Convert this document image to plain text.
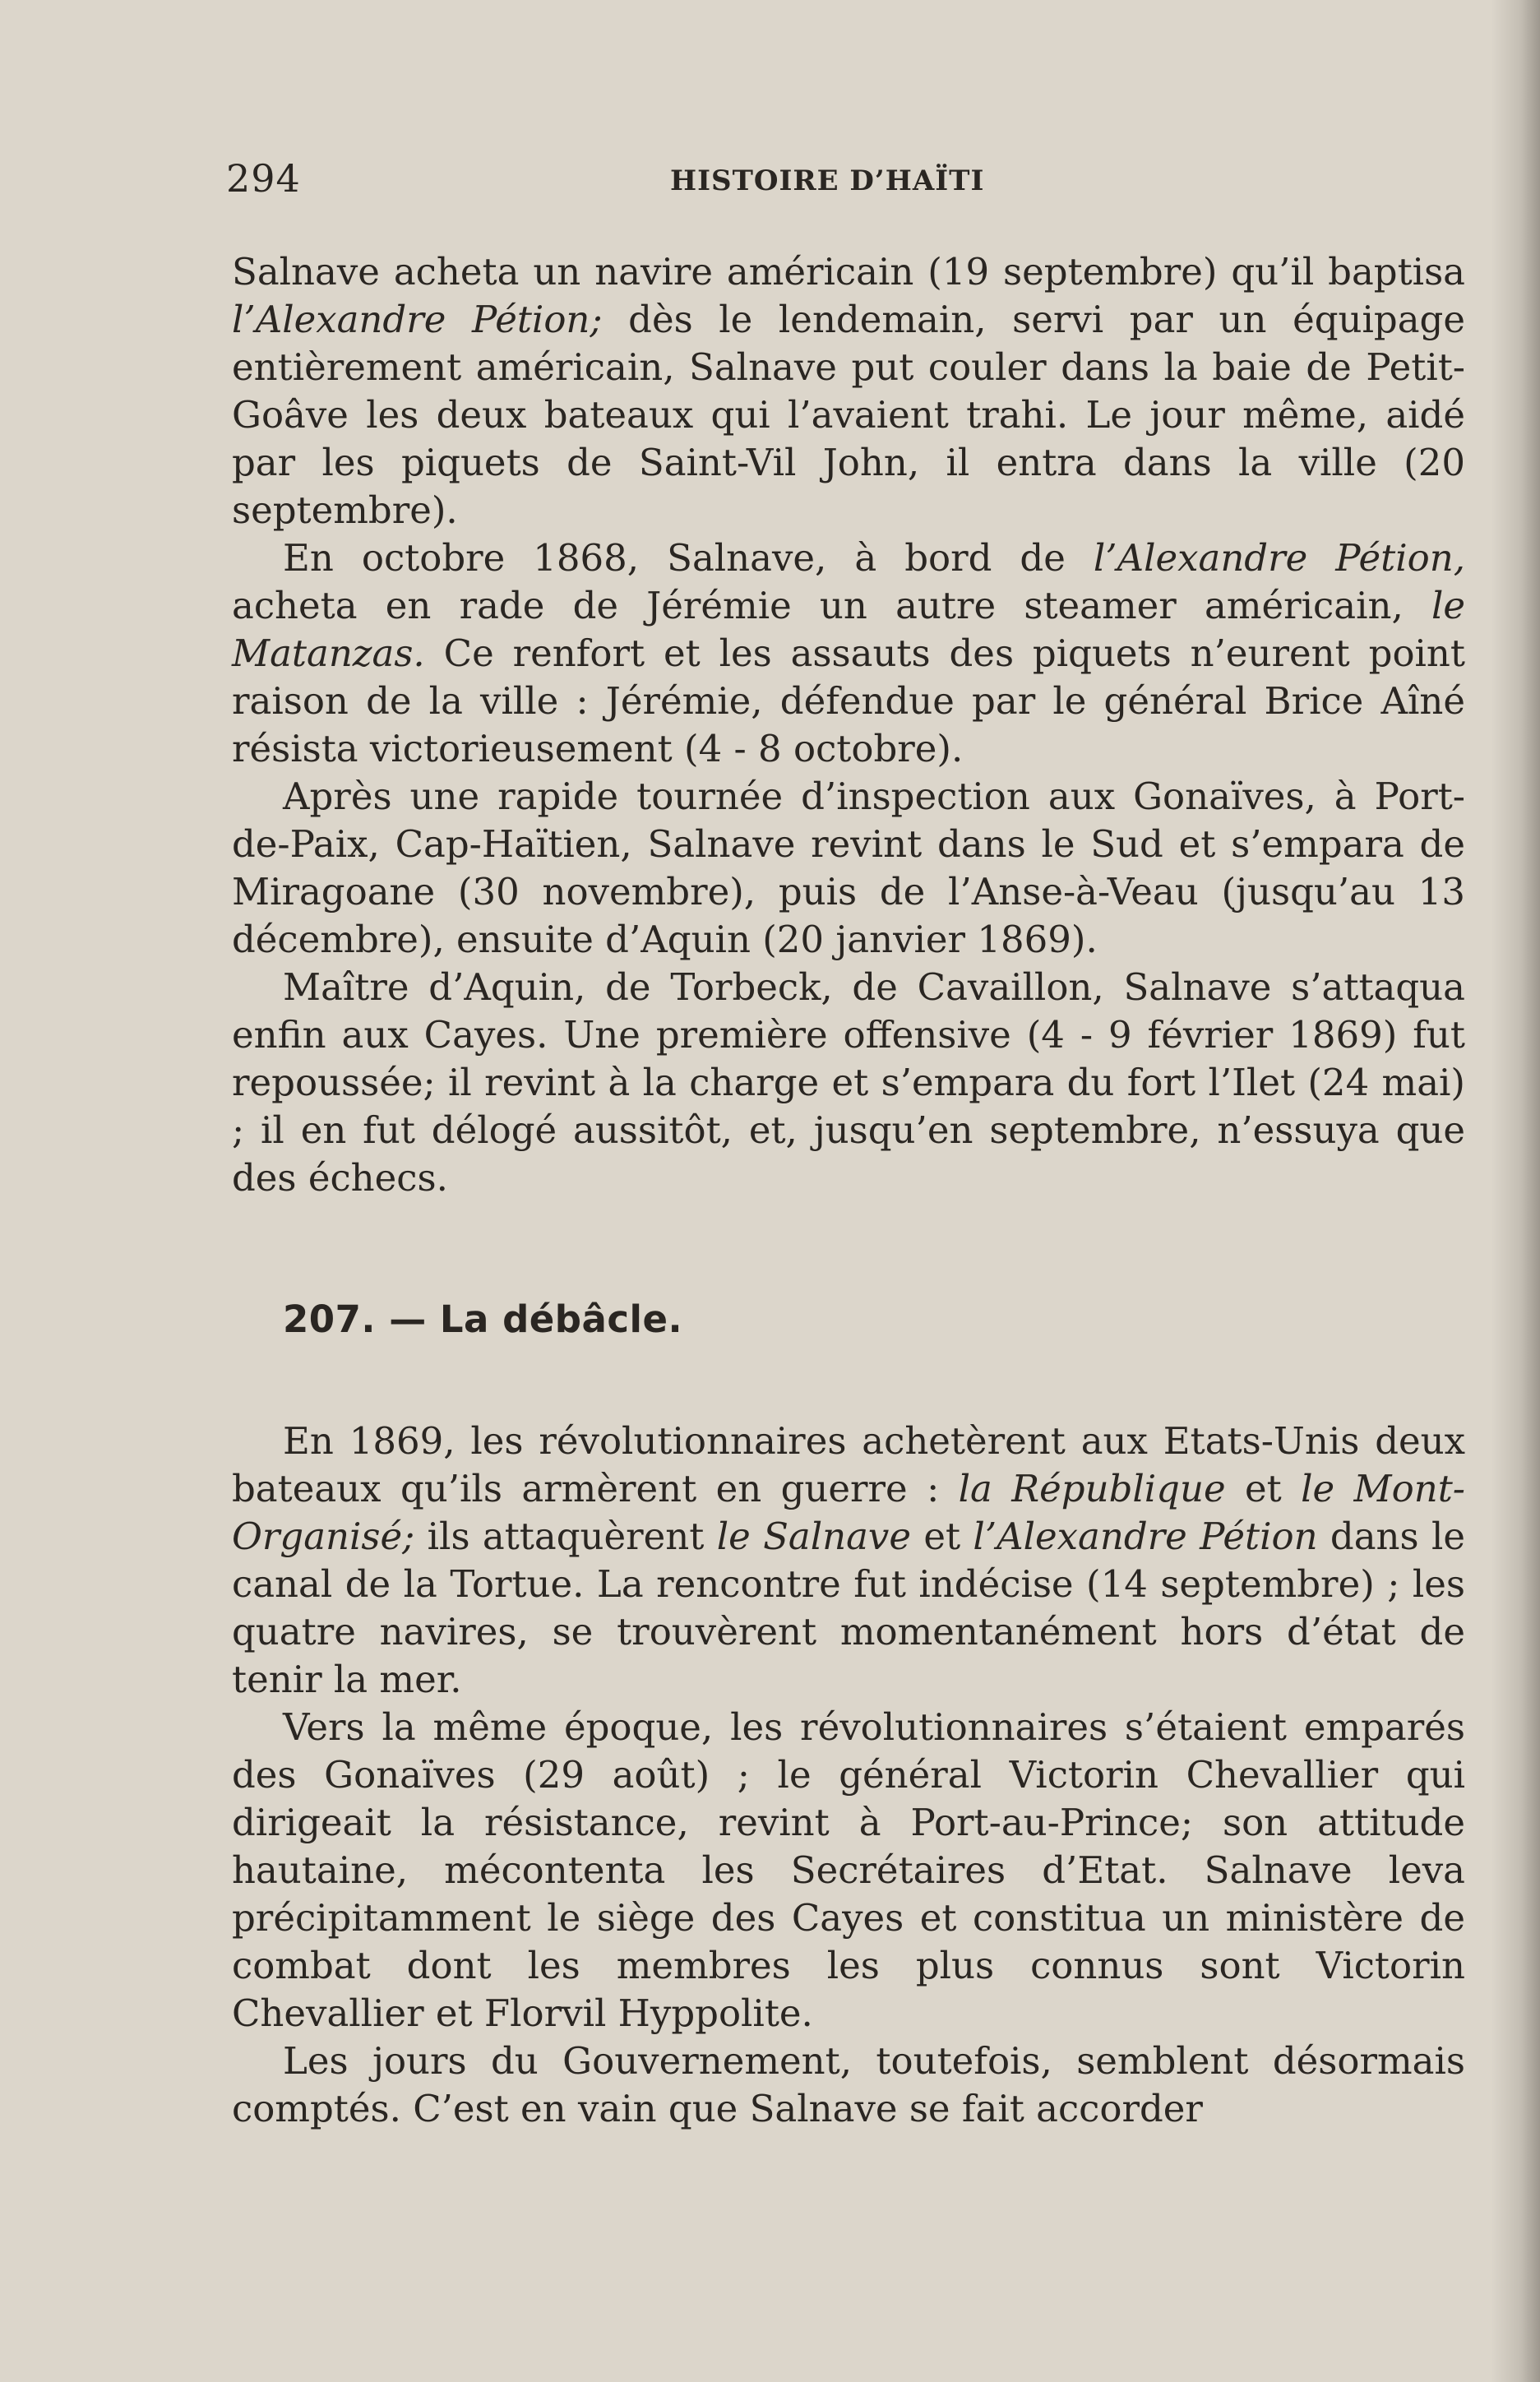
294	HISTOIRE D’HAÏTI

Salnave acheta un navire américain (19 septembre) qu’il baptisa l’Alexandre Pétion; dès le lendemain, servi par un équipage entièrement américain, Salnave put couler dans la baie de Petit-Goâve les deux bateaux qui l’avaient trahi. Le jour même, aidé par les piquets de Saint-Vil John, il entra dans la ville (20 septembre).

En octobre 1868, Salnave, à bord de l’Alexandre Pétion, acheta en rade de Jérémie un autre steamer américain, le Matanzas. Ce renfort et les assauts des piquets n’eurent point raison de la ville : Jérémie, défendue par le général Brice Aîné résista victorieusement (4 - 8 octobre).

Après une rapide tournée d’inspection aux Gonaïves, à Port-de-Paix, Cap-Haïtien, Salnave revint dans le Sud et s’empara de Miragoane (30 novembre), puis de l’Anse-à-Veau (jusqu’au 13 décembre), ensuite d’Aquin (20 janvier 1869).

Maître d’Aquin, de Torbeck, de Cavaillon, Salnave s’attaqua enfin aux Cayes. Une première offensive (4 - 9 février 1869) fut repoussée; il revint à la charge et s’empara du fort l’Ilet (24 mai) ; il en fut délogé aussitôt, et, jusqu’en septembre, n’essuya que des échecs.

207. — La débâcle.

En 1869, les révolutionnaires achetèrent aux Etats-Unis deux bateaux qu’ils armèrent en guerre : la République et le Mont-Organisé; ils attaquèrent le Salnave et l’Alexandre Pétion dans le canal de la Tortue. La rencontre fut indécise (14 septembre) ; les quatre navires, se trouvèrent momentanément hors d’état de tenir la mer.

Vers la même époque, les révolutionnaires s’étaient emparés des Gonaïves (29 août) ; le général Victorin Chevallier qui dirigeait la résistance, revint à Port-au-Prince; son attitude hautaine, mécontenta les Secrétaires d’Etat. Salnave leva précipitamment le siège des Cayes et constitua un ministère de combat dont les membres les plus connus sont Victorin Chevallier et Florvil Hyppolite.

Les jours du Gouvernement, toutefois, semblent désormais comptés. C’est en vain que Salnave se fait accorder
